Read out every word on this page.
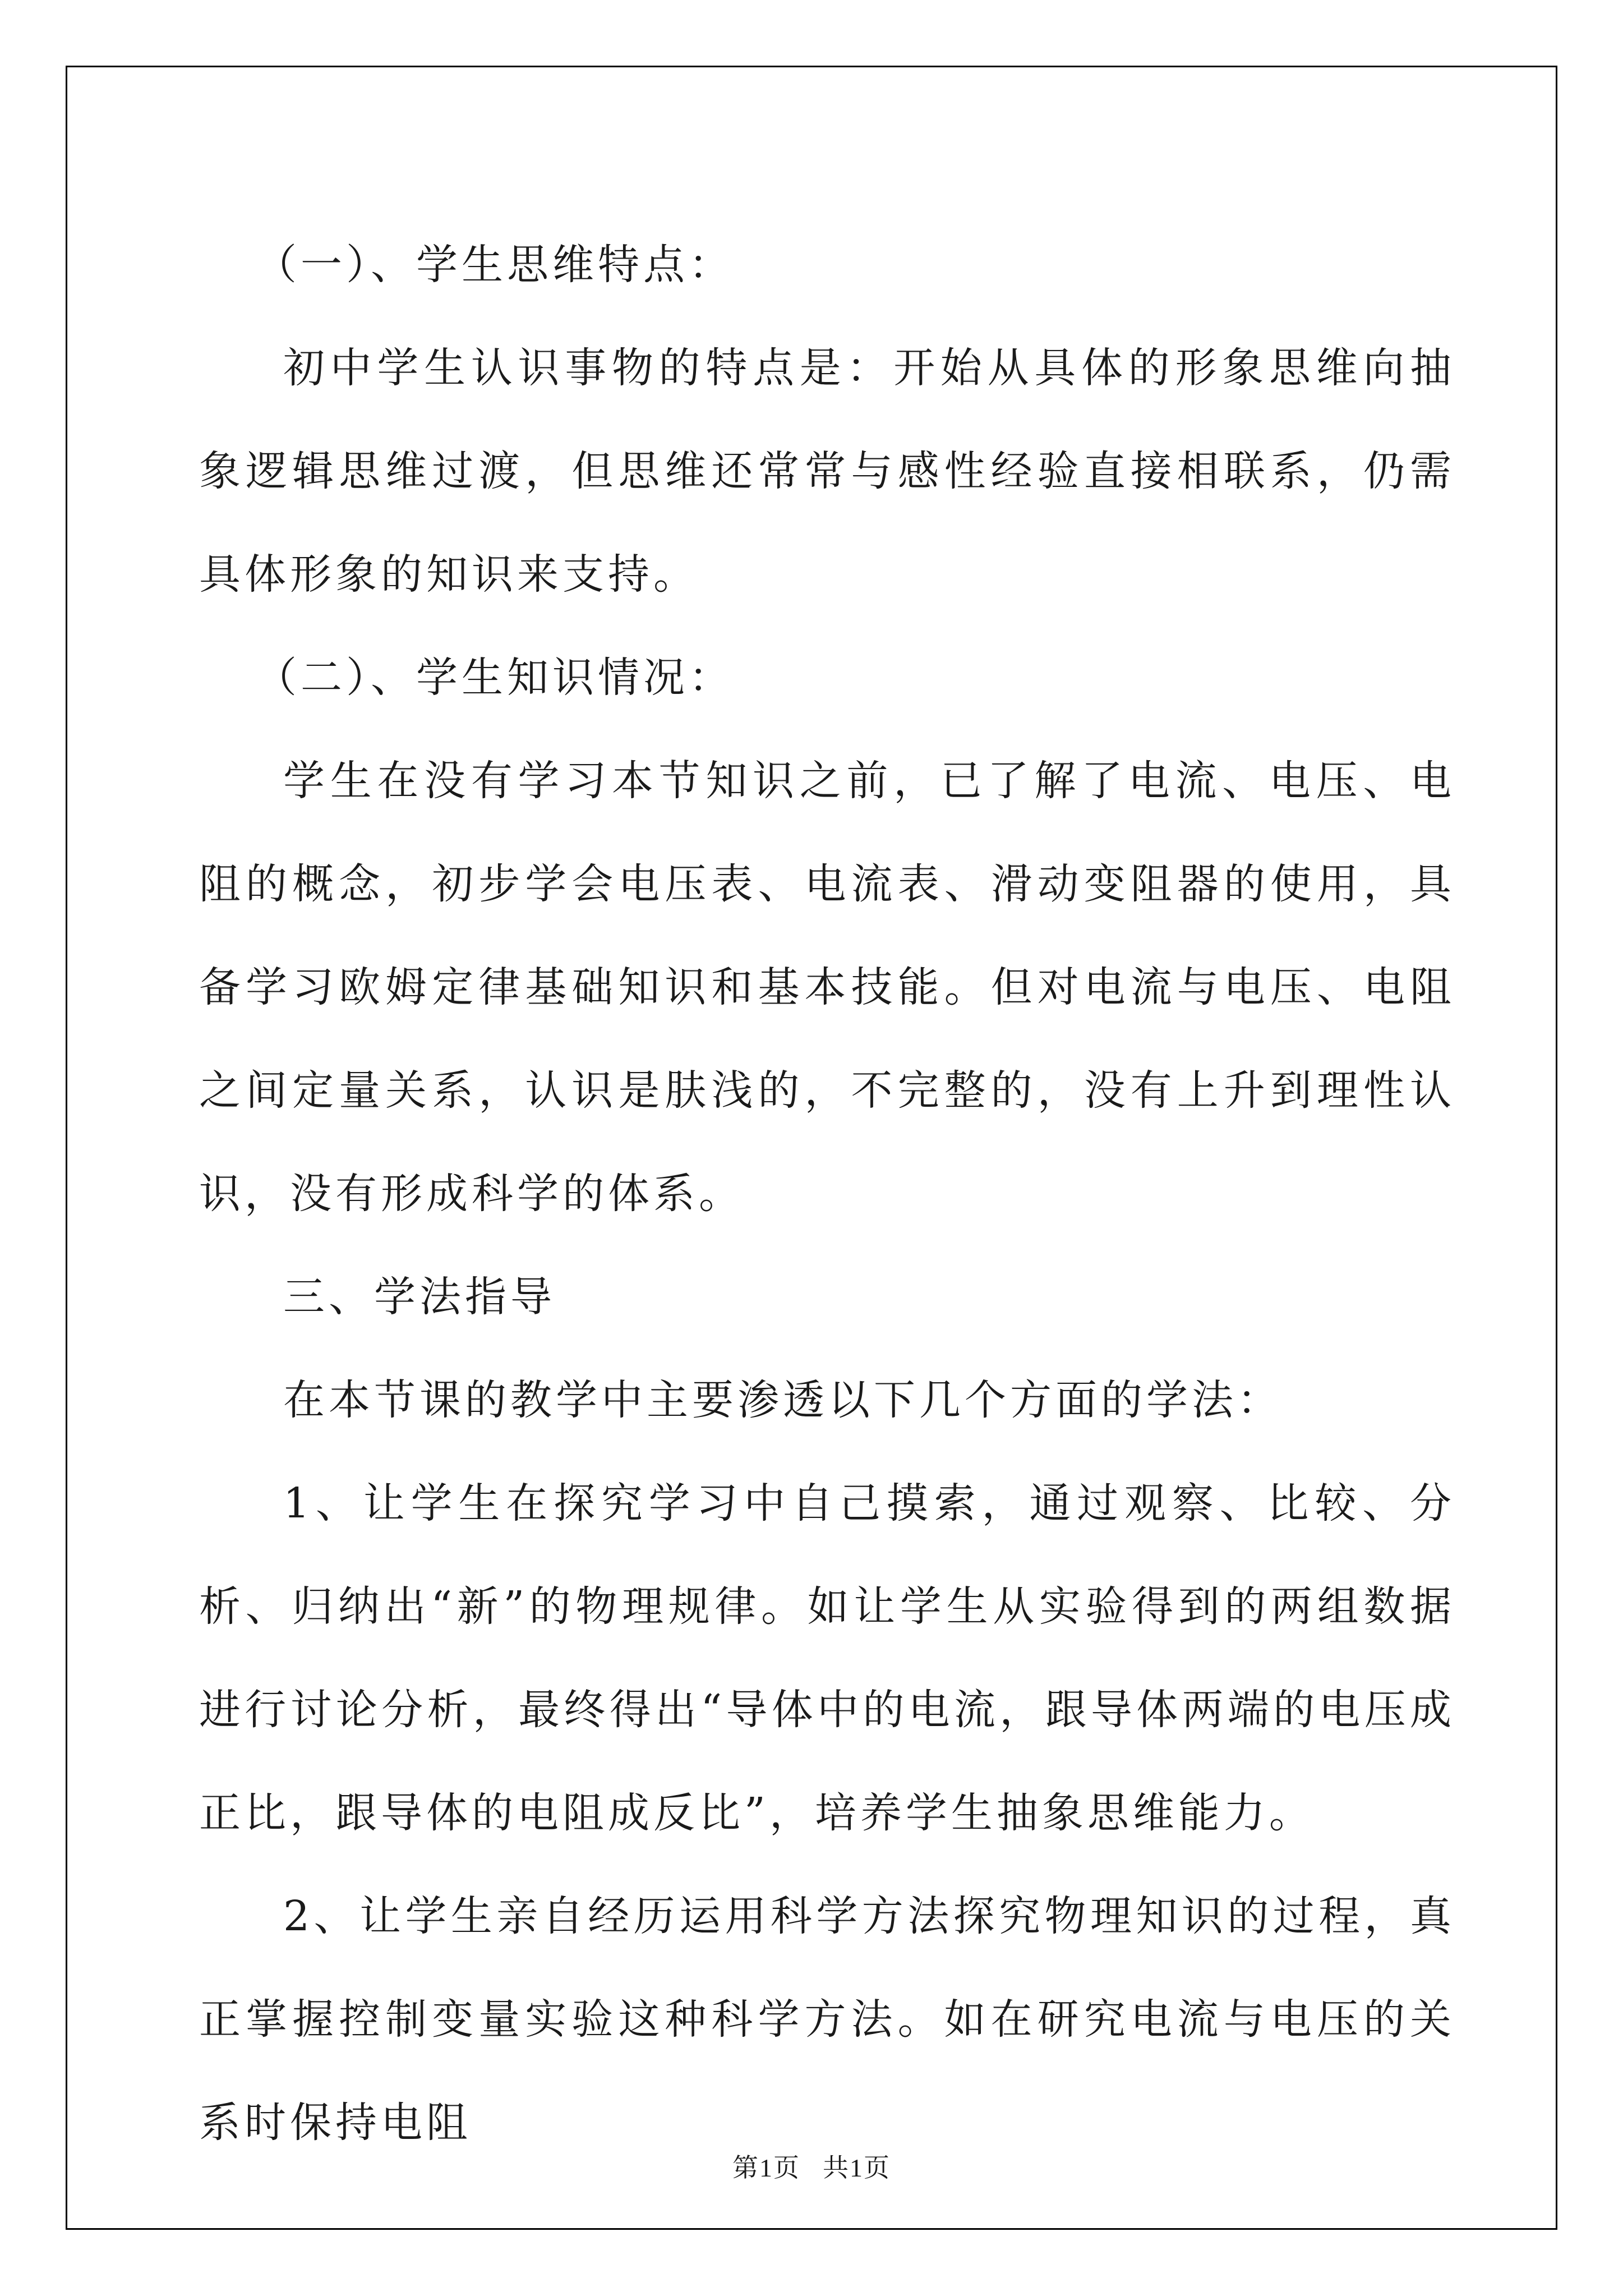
（一）、学生思维特点：

初中学生认识事物的特点是：开始从具体的形象思维向抽象逻辑思维过渡，但思维还常常与感性经验直接相联系，仍需具体形象的知识来支持。

（二）、学生知识情况：

学生在没有学习本节知识之前，已了解了电流、电压、电阻的概念，初步学会电压表、电流表、滑动变阻器的使用，具备学习欧姆定律基础知识和基本技能。但对电流与电压、电阻之间定量关系，认识是肤浅的，不完整的，没有上升到理性认识，没有形成科学的体系。

三、学法指导

在本节课的教学中主要渗透以下几个方面的学法：

1、让学生在探究学习中自己摸索，通过观察、比较、分析、归纳出“新”的物理规律。如让学生从实验得到的两组数据进行讨论分析，最终得出“导体中的电流，跟导体两端的电压成正比，跟导体的电阻成反比”，培养学生抽象思维能力。

2、让学生亲自经历运用科学方法探究物理知识的过程，真正掌握控制变量实验这种科学方法。如在研究电流与电压的关系时保持电阻

第1页 共1页
